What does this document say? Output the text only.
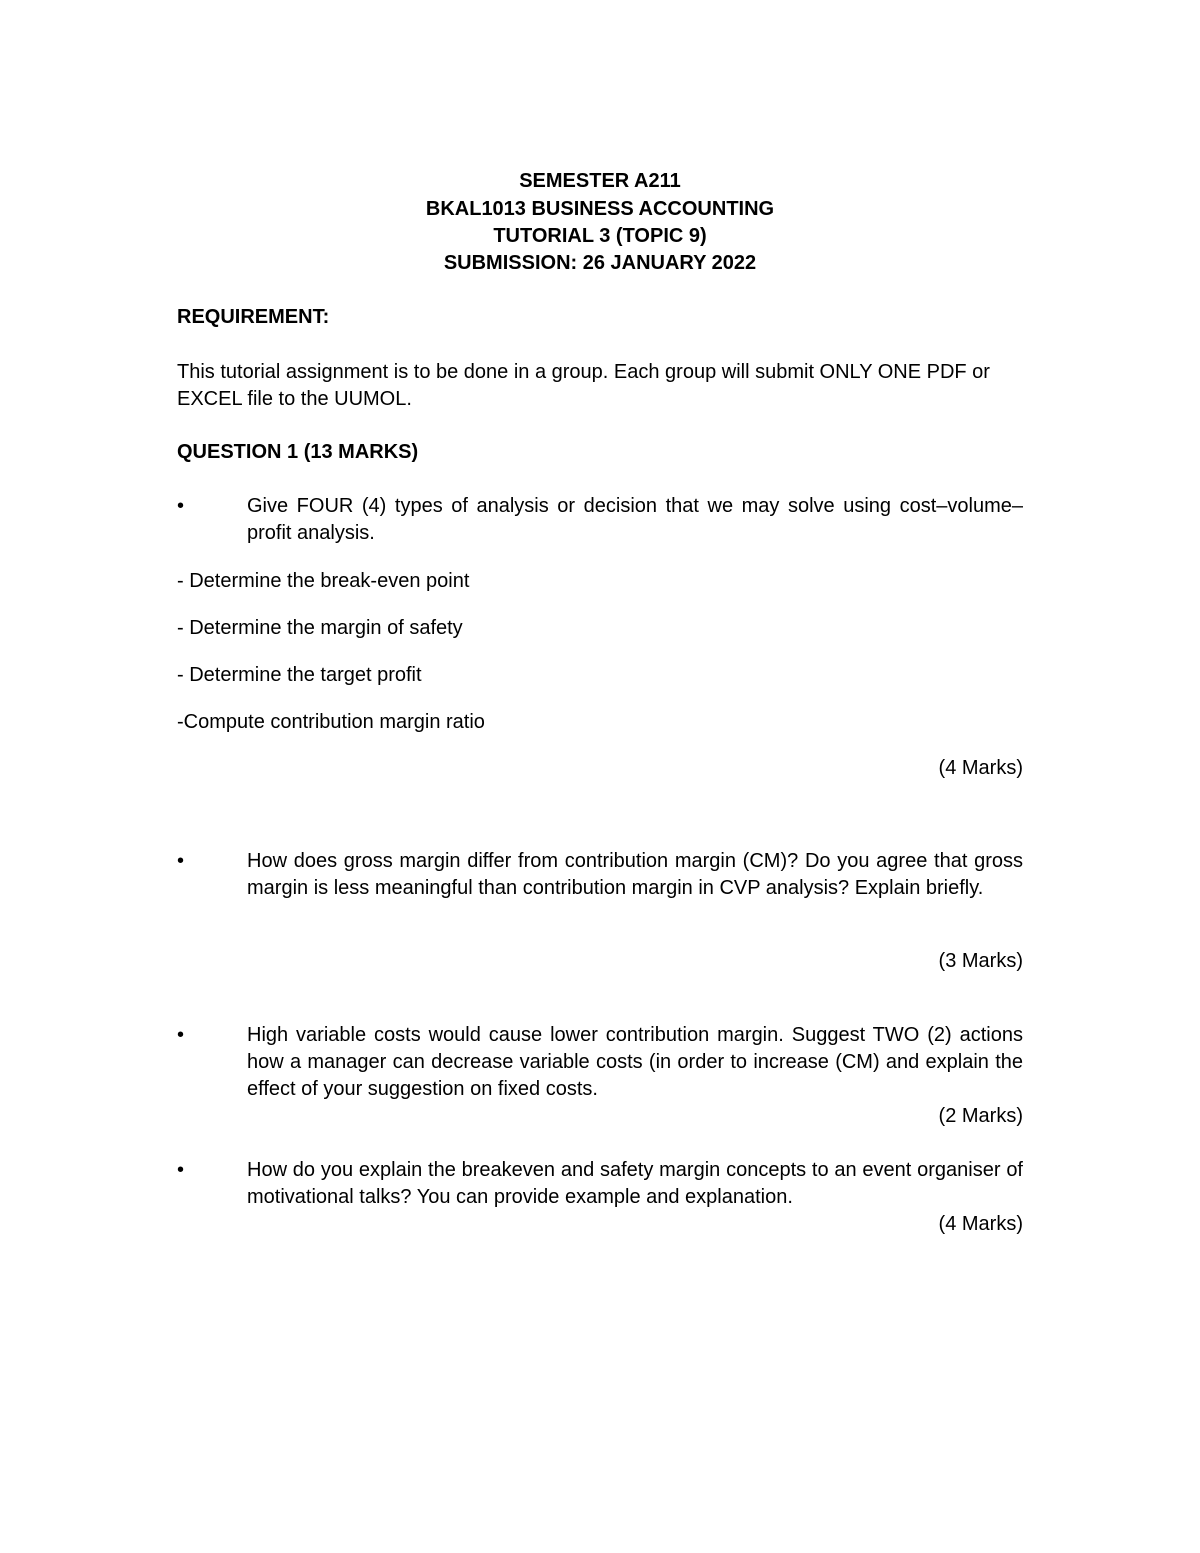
SEMESTER A211
BKAL1013 BUSINESS ACCOUNTING
TUTORIAL 3 (TOPIC 9)
SUBMISSION: 26 JANUARY 2022
REQUIREMENT:
This tutorial assignment is to be done in a group. Each group will submit ONLY ONE PDF or EXCEL file to the UUMOL.
QUESTION 1 (13 MARKS)
•	Give FOUR (4) types of analysis or decision that we may solve using cost–volume–profit analysis.
- Determine the break-even point
- Determine the margin of safety
- Determine the target profit
-Compute contribution margin ratio
(4 Marks)
•	How does gross margin differ from contribution margin (CM)? Do you agree that gross margin is less meaningful than contribution margin in CVP analysis? Explain briefly.
(3 Marks)
•	High variable costs would cause lower contribution margin. Suggest TWO (2) actions how a manager can decrease variable costs (in order to increase (CM) and explain the effect of your suggestion on fixed costs.
(2 Marks)
•	How do you explain the breakeven and safety margin concepts to an event organiser of motivational talks? You can provide example and explanation.
(4 Marks)
